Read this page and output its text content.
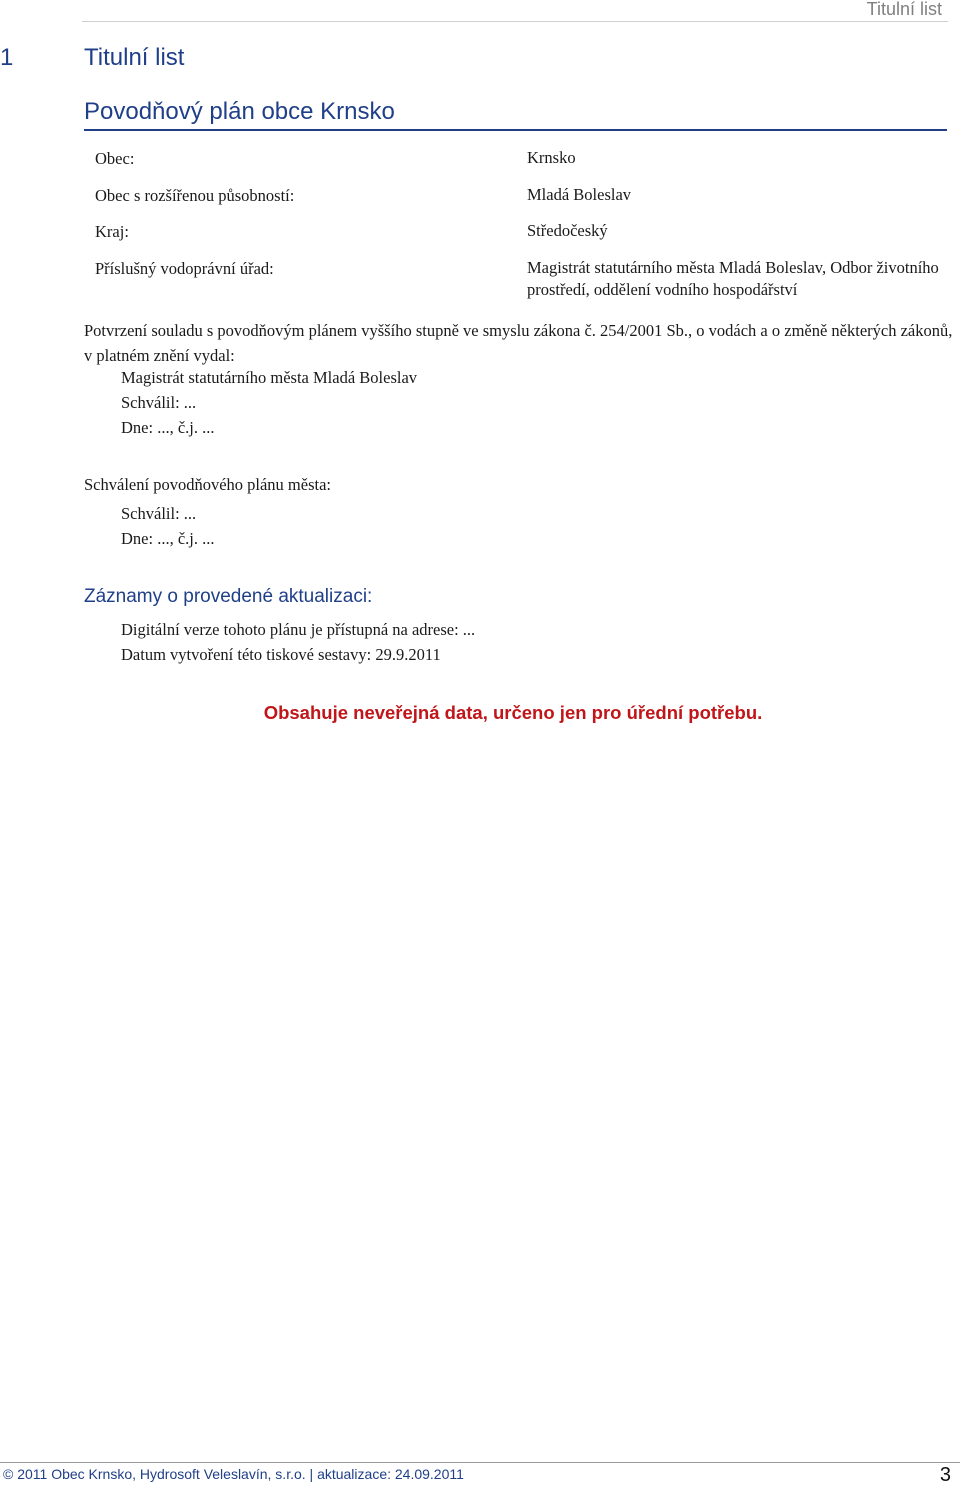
Titulní list
1	Titulní list
Povodňový plán obce Krnsko
Obec:	Krnsko
Obec s rozšířenou působností:	Mladá Boleslav
Kraj:	Středočeský
Příslušný vodoprávní úřad:	Magistrát statutárního města Mladá Boleslav, Odbor životního prostředí, oddělení vodního hospodářství
Potvrzení souladu s povodňovým plánem vyššího stupně ve smyslu zákona č. 254/2001 Sb., o vodách a o změně některých zákonů, v platném znění vydal:
Magistrát statutárního města Mladá Boleslav
Schválil: ...
Dne: ..., č.j. ...
Schválení povodňového plánu města:
Schválil: ...
Dne: ..., č.j. ...
Záznamy o provedené aktualizaci:
Digitální verze tohoto plánu je přístupná na adrese: ...
Datum vytvoření této tiskové sestavy: 29.9.2011
Obsahuje neveřejná data, určeno jen pro úřední potřebu.
© 2011 Obec Krnsko, Hydrosoft Veleslavín, s.r.o. | aktualizace: 24.09.2011	3
